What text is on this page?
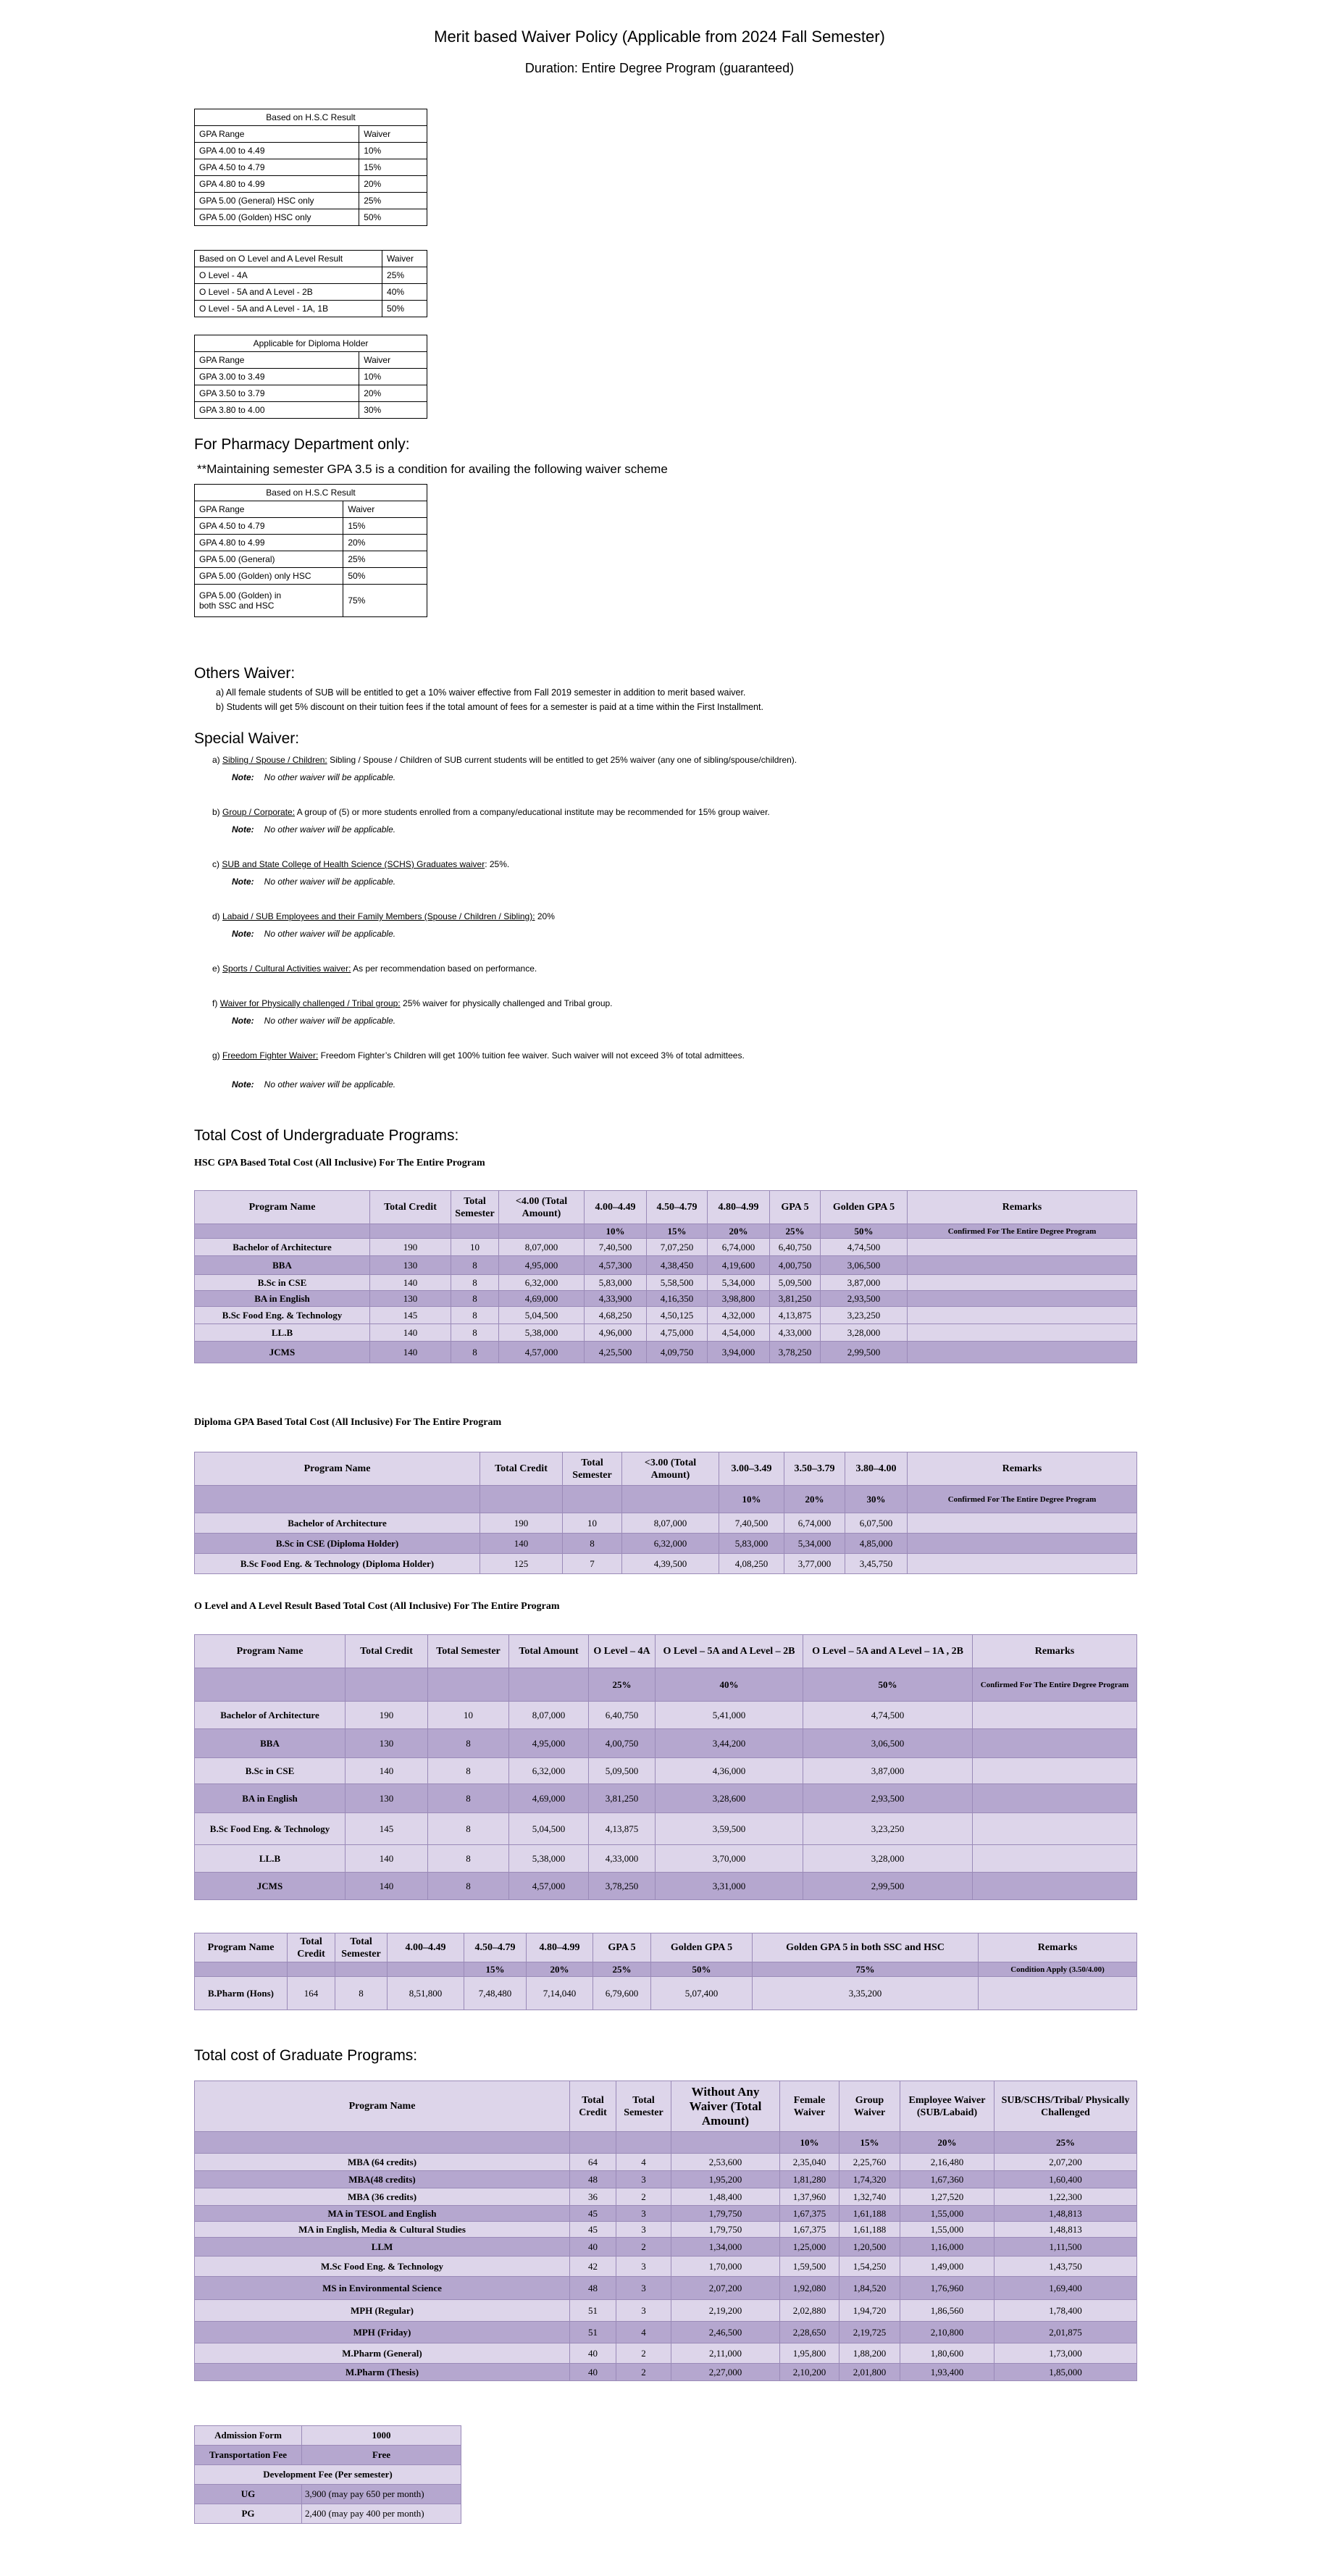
Merit based Waiver Policy (Applicable from 2024 Fall Semester)
Duration: Entire Degree Program (guaranteed)
Based on H.S.C Result	
GPA Range	Waiver
GPA 4.00 to 4.49	10%
GPA 4.50 to 4.79	15%
GPA 4.80 to 4.99	20%
GPA 5.00 (General) HSC only	25%
GPA 5.00 (Golden) HSC only	50%
Based on O Level and A Level Result	Waiver
O Level - 4A	25%
O Level - 5A and A Level - 2B	40%
O Level - 5A and A Level - 1A, 1B	50%
Applicable for Diploma Holder	
GPA Range	Waiver
GPA 3.00 to 3.49	10%
GPA 3.50 to 3.79	20%
GPA 3.80 to 4.00	30%
For Pharmacy Department only:
**Maintaining semester GPA 3.5 is a condition for availing the following waiver scheme
Based on H.S.C Result	
GPA Range	Waiver
GPA 4.50 to 4.79	15%
GPA 4.80 to 4.99	20%
GPA 5.00 (General)	25%
GPA 5.00 (Golden) only HSC	50%

GPA 5.00 (Golden) in
both SSC and HSC	75%
Others Waiver:
a) All female students of SUB will be entitled to get a 10% waiver effective from Fall 2019 semester in addition to merit based waiver.
b) Students will get 5% discount on their tuition fees if the total amount of fees for a semester is paid at a time within the First Installment.
Special Waiver:
a) Sibling / Spouse / Children: Sibling / Spouse / Children of SUB current students will be entitled to get 25% waiver (any one of sibling/spouse/children).
Note: No other waiver will be applicable.
b) Group / Corporate: A group of (5) or more students enrolled from a company/educational institute may be recommended for 15% group waiver.
Note: No other waiver will be applicable.
c) SUB and State College of Health Science (SCHS) Graduates waiver: 25%.
Note: No other waiver will be applicable.
d) Labaid / SUB Employees and their Family Members (Spouse / Children / Sibling): 20%
Note: No other waiver will be applicable.
e) Sports / Cultural Activities waiver: As per recommendation based on performance.
f) Waiver for Physically challenged / Tribal group: 25% waiver for physically challenged and Tribal group.
Note: No other waiver will be applicable.
g) Freedom Fighter Waiver: Freedom Fighter’s Children will get 100% tuition fee waiver. Such waiver will not exceed 3% of total admittees.
Note: No other waiver will be applicable.
Total Cost of Undergraduate Programs:
HSC GPA Based Total Cost (All Inclusive) For The Entire Program
Program Name	Total Credit	Total Semester	<4.00 (Total Amount)	4.00–4.49	4.50–4.79	4.80–4.99	GPA 5	Golden GPA 5	Remarks
				10%	15%	20%	25%	50%	Confirmed For The Entire Degree Program
Bachelor of Architecture	190	10	8,07,000	7,40,500	7,07,250	6,74,000	6,40,750	4,74,500	
BBA	130	8	4,95,000	4,57,300	4,38,450	4,19,600	4,00,750	3,06,500	
B.Sc in CSE	140	8	6,32,000	5,83,000	5,58,500	5,34,000	5,09,500	3,87,000	
BA in English	130	8	4,69,000	4,33,900	4,16,350	3,98,800	3,81,250	2,93,500	
B.Sc Food Eng. & Technology	145	8	5,04,500	4,68,250	4,50,125	4,32,000	4,13,875	3,23,250	
LL.B	140	8	5,38,000	4,96,000	4,75,000	4,54,000	4,33,000	3,28,000	
JCMS	140	8	4,57,000	4,25,500	4,09,750	3,94,000	3,78,250	2,99,500	
Diploma GPA Based Total Cost (All Inclusive) For The Entire Program
Program Name	Total Credit	Total Semester	<3.00 (Total Amount)	3.00–3.49	3.50–3.79	3.80–4.00	Remarks
				10%	20%	30%	Confirmed For The Entire Degree Program
Bachelor of Architecture	190	10	8,07,000	7,40,500	6,74,000	6,07,500	
B.Sc in CSE (Diploma Holder)	140	8	6,32,000	5,83,000	5,34,000	4,85,000	
B.Sc Food Eng. & Technology (Diploma Holder)	125	7	4,39,500	4,08,250	3,77,000	3,45,750	
O Level and A Level Result Based Total Cost (All Inclusive) For The Entire Program
Program Name	Total Credit	Total Semester	Total Amount	O Level – 4A	O Level – 5A and A Level – 2B	O Level – 5A and A Level – 1A , 2B	Remarks
				25%	40%	50%	Confirmed For The Entire Degree Program
Bachelor of Architecture	190	10	8,07,000	6,40,750	5,41,000	4,74,500	
BBA	130	8	4,95,000	4,00,750	3,44,200	3,06,500	
B.Sc in CSE	140	8	6,32,000	5,09,500	4,36,000	3,87,000	
BA in English	130	8	4,69,000	3,81,250	3,28,600	2,93,500	
B.Sc Food Eng. & Technology	145	8	5,04,500	4,13,875	3,59,500	3,23,250	
LL.B	140	8	5,38,000	4,33,000	3,70,000	3,28,000	
JCMS	140	8	4,57,000	3,78,250	3,31,000	2,99,500	
Program Name	Total Credit	Total Semester	4.00–4.49	4.50–4.79	4.80–4.99	GPA 5	Golden GPA 5	Golden GPA 5 in both SSC and HSC	Remarks
				15%	20%	25%	50%	75%	Condition Apply (3.50/4.00)
B.Pharm (Hons)	164	8	8,51,800	7,48,480	7,14,040	6,79,600	5,07,400	3,35,200	
Total cost of Graduate Programs:
Program Name	Total Credit	Total Semester	Without Any Waiver (Total Amount)	Female Waiver	Group Waiver	Employee Waiver (SUB/Labaid)	SUB/SCHS/Tribal/ Physically Challenged
				10%	15%	20%	25%
MBA (64 credits)	64	4	2,53,600	2,35,040	2,25,760	2,16,480	2,07,200
MBA(48 credits)	48	3	1,95,200	1,81,280	1,74,320	1,67,360	1,60,400
MBA (36 credits)	36	2	1,48,400	1,37,960	1,32,740	1,27,520	1,22,300
MA in TESOL and English	45	3	1,79,750	1,67,375	1,61,188	1,55,000	1,48,813
MA in English, Media & Cultural Studies	45	3	1,79,750	1,67,375	1,61,188	1,55,000	1,48,813
LLM	40	2	1,34,000	1,25,000	1,20,500	1,16,000	1,11,500
M.Sc Food Eng. & Technology	42	3	1,70,000	1,59,500	1,54,250	1,49,000	1,43,750
MS in Environmental Science	48	3	2,07,200	1,92,080	1,84,520	1,76,960	1,69,400
MPH (Regular)	51	3	2,19,200	2,02,880	1,94,720	1,86,560	1,78,400
MPH (Friday)	51	4	2,46,500	2,28,650	2,19,725	2,10,800	2,01,875
M.Pharm (General)	40	2	2,11,000	1,95,800	1,88,200	1,80,600	1,73,000
M.Pharm (Thesis)	40	2	2,27,000	2,10,200	2,01,800	1,93,400	1,85,000
Admission Form	1000
Transportation Fee	Free
Development Fee (Per semester)	
UG	3,900 (may pay 650 per month)
PG	2,400 (may pay 400 per month)
